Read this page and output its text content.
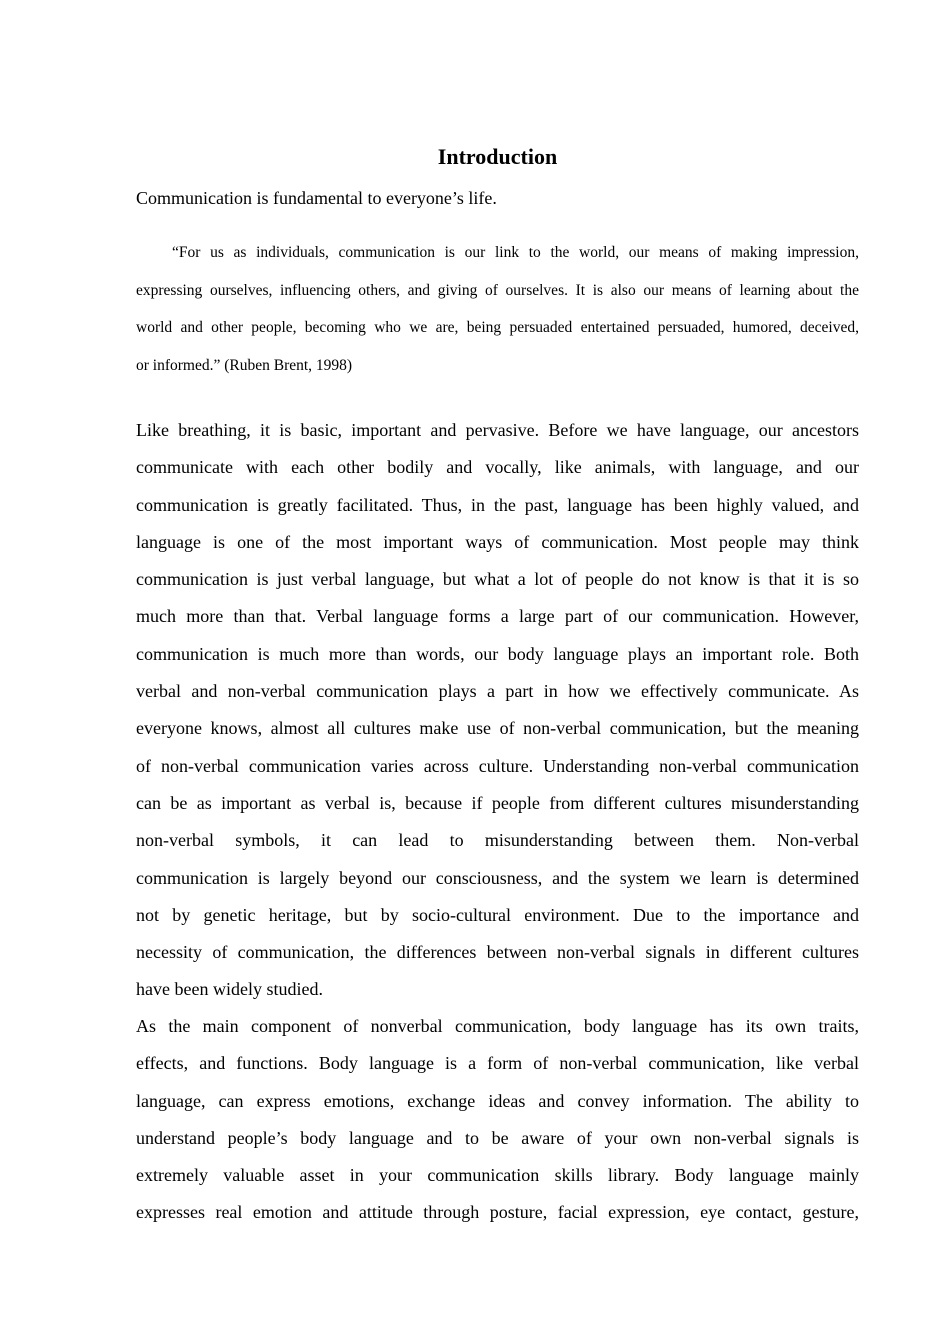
Introduction
Communication is fundamental to everyone’s life.
“For us as individuals, communication is our link to the world, our means of making impression,
expressing ourselves, influencing others, and giving of ourselves. It is also our means of learning about the
world and other people, becoming who we are, being persuaded entertained persuaded, humored, deceived,
or informed.” (Ruben Brent, 1998)
Like breathing, it is basic, important and pervasive. Before we have language, our ancestors
communicate with each other bodily and vocally, like animals, with language, and our
communication is greatly facilitated. Thus, in the past, language has been highly valued, and
language is one of the most important ways of communication. Most people may think
communication is just verbal language, but what a lot of people do not know is that it is so
much more than that. Verbal language forms a large part of our communication. However,
communication is much more than words, our body language plays an important role. Both
verbal and non-verbal communication plays a part in how we effectively communicate. As
everyone knows, almost all cultures make use of non-verbal communication, but the meaning
of non-verbal communication varies across culture. Understanding non-verbal communication
can be as important as verbal is, because if people from different cultures misunderstanding
non-verbal symbols, it can lead to misunderstanding between them. Non-verbal
communication is largely beyond our consciousness, and the system we learn is determined
not by genetic heritage, but by socio-cultural environment. Due to the importance and
necessity of communication, the differences between non-verbal signals in different cultures
have been widely studied.
As the main component of nonverbal communication, body language has its own traits,
effects, and functions. Body language is a form of non-verbal communication, like verbal
language, can express emotions, exchange ideas and convey information. The ability to
understand people’s body language and to be aware of your own non-verbal signals is
extremely valuable asset in your communication skills library. Body language mainly
expresses real emotion and attitude through posture, facial expression, eye contact, gesture,
